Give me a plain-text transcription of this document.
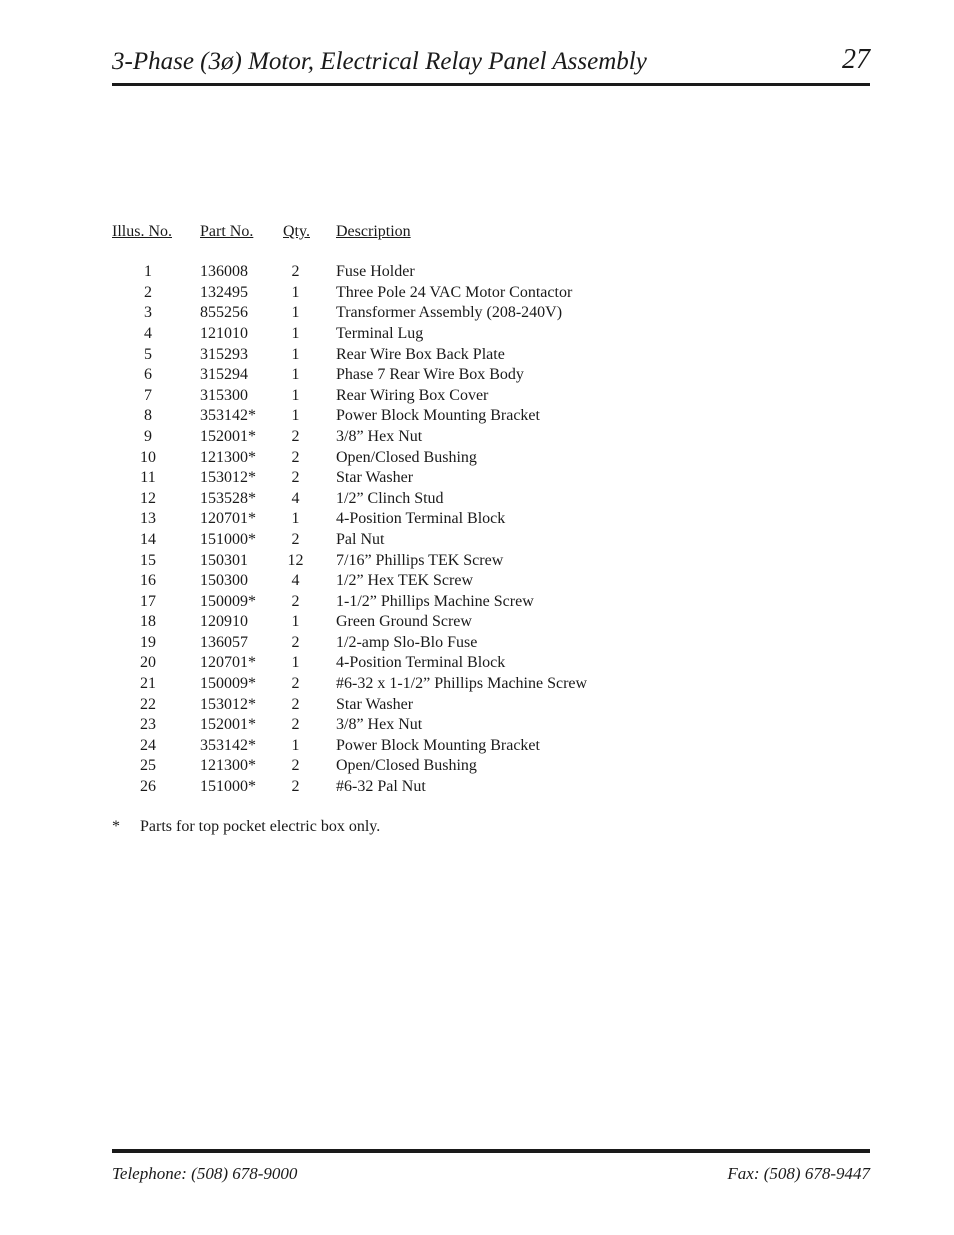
3-Phase (3ø) Motor, Electrical Relay Panel Assembly	27
Illus. No.	Part No.	Qty.	Description
1	136008	2	Fuse Holder
2	132495	1	Three Pole 24 VAC Motor Contactor
3	855256	1	Transformer Assembly (208-240V)
4	121010	1	Terminal Lug
5	315293	1	Rear Wire Box Back Plate
6	315294	1	Phase 7 Rear Wire Box Body
7	315300	1	Rear Wiring Box Cover
8	353142*	1	Power Block Mounting Bracket
9	152001*	2	3/8” Hex Nut
10	121300*	2	Open/Closed Bushing
11	153012*	2	Star Washer
12	153528*	4	1/2” Clinch Stud
13	120701*	1	4-Position Terminal Block
14	151000*	2	Pal Nut
15	150301	12	7/16” Phillips TEK Screw
16	150300	4	1/2” Hex TEK Screw
17	150009*	2	1-1/2” Phillips Machine Screw
18	120910	1	Green Ground Screw
19	136057	2	1/2-amp Slo-Blo Fuse
20	120701*	1	4-Position Terminal Block
21	150009*	2	#6-32 x 1-1/2” Phillips Machine Screw
22	153012*	2	Star Washer
23	152001*	2	3/8” Hex Nut
24	353142*	1	Power Block Mounting Bracket
25	121300*	2	Open/Closed Bushing
26	151000*	2	#6-32 Pal Nut
* Parts for top pocket electric box only.
Telephone: (508) 678-9000	Fax: (508) 678-9447
